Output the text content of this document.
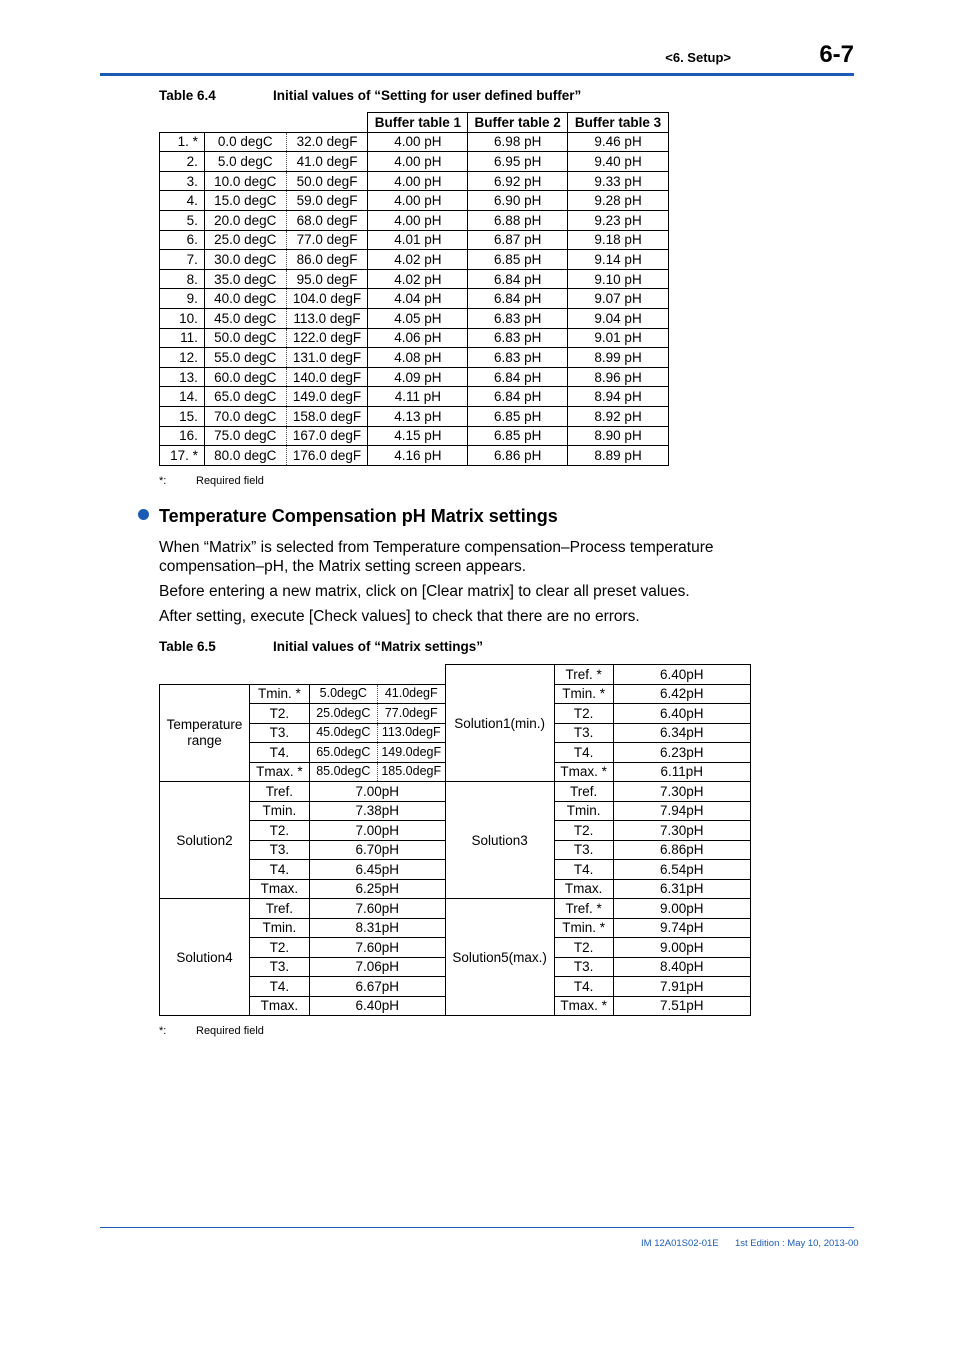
<6. Setup>	6-7
Table 6.4	Initial values of “Setting for user defined buffer”
			Buffer table 1	Buffer table 2	Buffer table 3
1. *	0.0 degC	32.0 degF	4.00 pH	6.98 pH	9.46 pH
2.	5.0 degC	41.0 degF	4.00 pH	6.95 pH	9.40 pH
3.	10.0 degC	50.0 degF	4.00 pH	6.92 pH	9.33 pH
4.	15.0 degC	59.0 degF	4.00 pH	6.90 pH	9.28 pH
5.	20.0 degC	68.0 degF	4.00 pH	6.88 pH	9.23 pH
6.	25.0 degC	77.0 degF	4.01 pH	6.87 pH	9.18 pH
7.	30.0 degC	86.0 degF	4.02 pH	6.85 pH	9.14 pH
8.	35.0 degC	95.0 degF	4.02 pH	6.84 pH	9.10 pH
9.	40.0 degC	104.0 degF	4.04 pH	6.84 pH	9.07 pH
10.	45.0 degC	113.0 degF	4.05 pH	6.83 pH	9.04 pH
11.	50.0 degC	122.0 degF	4.06 pH	6.83 pH	9.01 pH
12.	55.0 degC	131.0 degF	4.08 pH	6.83 pH	8.99 pH
13.	60.0 degC	140.0 degF	4.09 pH	6.84 pH	8.96 pH
14.	65.0 degC	149.0 degF	4.11 pH	6.84 pH	8.94 pH
15.	70.0 degC	158.0 degF	4.13 pH	6.85 pH	8.92 pH
16.	75.0 degC	167.0 degF	4.15 pH	6.85 pH	8.90 pH
17. *	80.0 degC	176.0 degF	4.16 pH	6.86 pH	8.89 pH
*:	Required field
Temperature Compensation pH Matrix settings
When “Matrix” is selected from Temperature compensation–Process temperature compensation–pH, the Matrix setting screen appears.
Before entering a new matrix, click on [Clear matrix] to clear all preset values.
After setting, execute [Check values] to check that there are no errors.
Table 6.5	Initial values of “Matrix settings”
				Solution1(min.)	Tref. *	6.40pH
Temperature range	Tmin. *	5.0degC	41.0degF		Tmin. *	6.42pH
	T2.	25.0degC	77.0degF		T2.	6.40pH
	T3.	45.0degC	113.0degF		T3.	6.34pH
	T4.	65.0degC	149.0degF		T4.	6.23pH
	Tmax. *	85.0degC	185.0degF		Tmax. *	6.11pH
Solution2	Tref.	7.00pH		Solution3	Tref.	7.30pH
	Tmin.	7.38pH			Tmin.	7.94pH
	T2.	7.00pH			T2.	7.30pH
	T3.	6.70pH			T3.	6.86pH
	T4.	6.45pH			T4.	6.54pH
	Tmax.	6.25pH			Tmax.	6.31pH
Solution4	Tref.	7.60pH		Solution5(max.)	Tref. *	9.00pH
	Tmin.	8.31pH			Tmin. *	9.74pH
	T2.	7.60pH			T2.	9.00pH
	T3.	7.06pH			T3.	8.40pH
	T4.	6.67pH			T4.	7.91pH
	Tmax.	6.40pH			Tmax. *	7.51pH
*:	Required field
IM 12A01S02-01E 1st Edition : May 10, 2013-00
